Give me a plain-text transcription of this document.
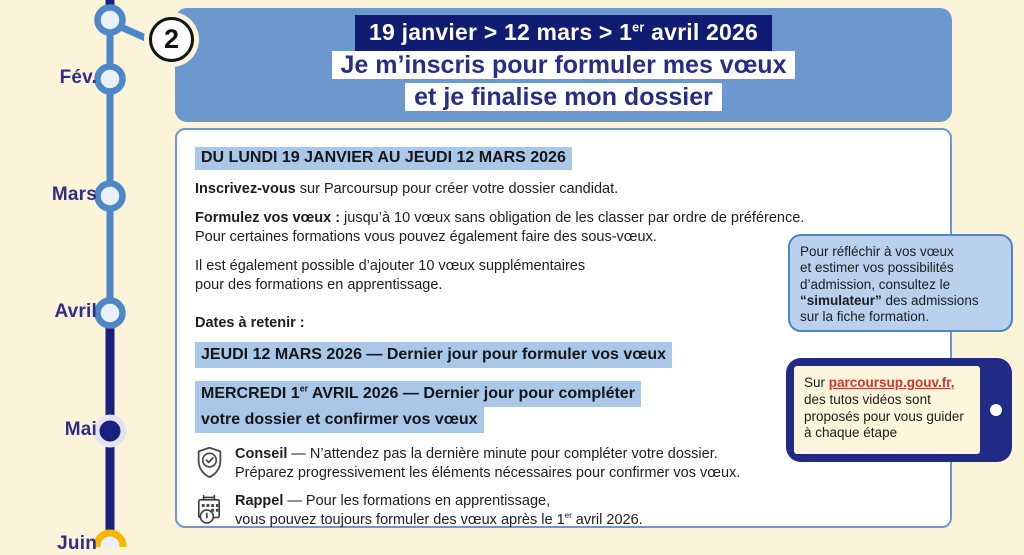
Fév.
Mars
Avril
Mai
Juin
2	19 janvier > 12 mars > 1er avril 2026
Je m’inscris pour formuler mes vœux
et je finalise mon dossier
DU LUNDI 19 JANVIER AU JEUDI 12 MARS 2026
Inscrivez-vous sur Parcoursup pour créer votre dossier candidat.
Formulez vos vœux : jusqu’à 10 vœux sans obligation de les classer par ordre de préférence.
Pour certaines formations vous pouvez également faire des sous-vœux.
Il est également possible d’ajouter 10 vœux supplémentaires
pour des formations en apprentissage.
Dates à retenir :
JEUDI 12 MARS 2026 — Dernier jour pour formuler vos vœux
MERCREDI 1er AVRIL 2026 — Dernier jour pour compléter
votre dossier et confirmer vos vœux
Conseil — N’attendez pas la dernière minute pour compléter votre dossier.
Préparez progressivement les éléments nécessaires pour confirmer vos vœux.
Rappel — Pour les formations en apprentissage,
vous pouvez toujours formuler des vœux après le 1er avril 2026.
Pour réfléchir à vos vœux
et estimer vos possibilités
d’admission, consultez le
“simulateur” des admissions
sur la fiche formation.
Sur parcoursup.gouv.fr,
des tutos vidéos sont
proposés pour vous guider
à chaque étape
